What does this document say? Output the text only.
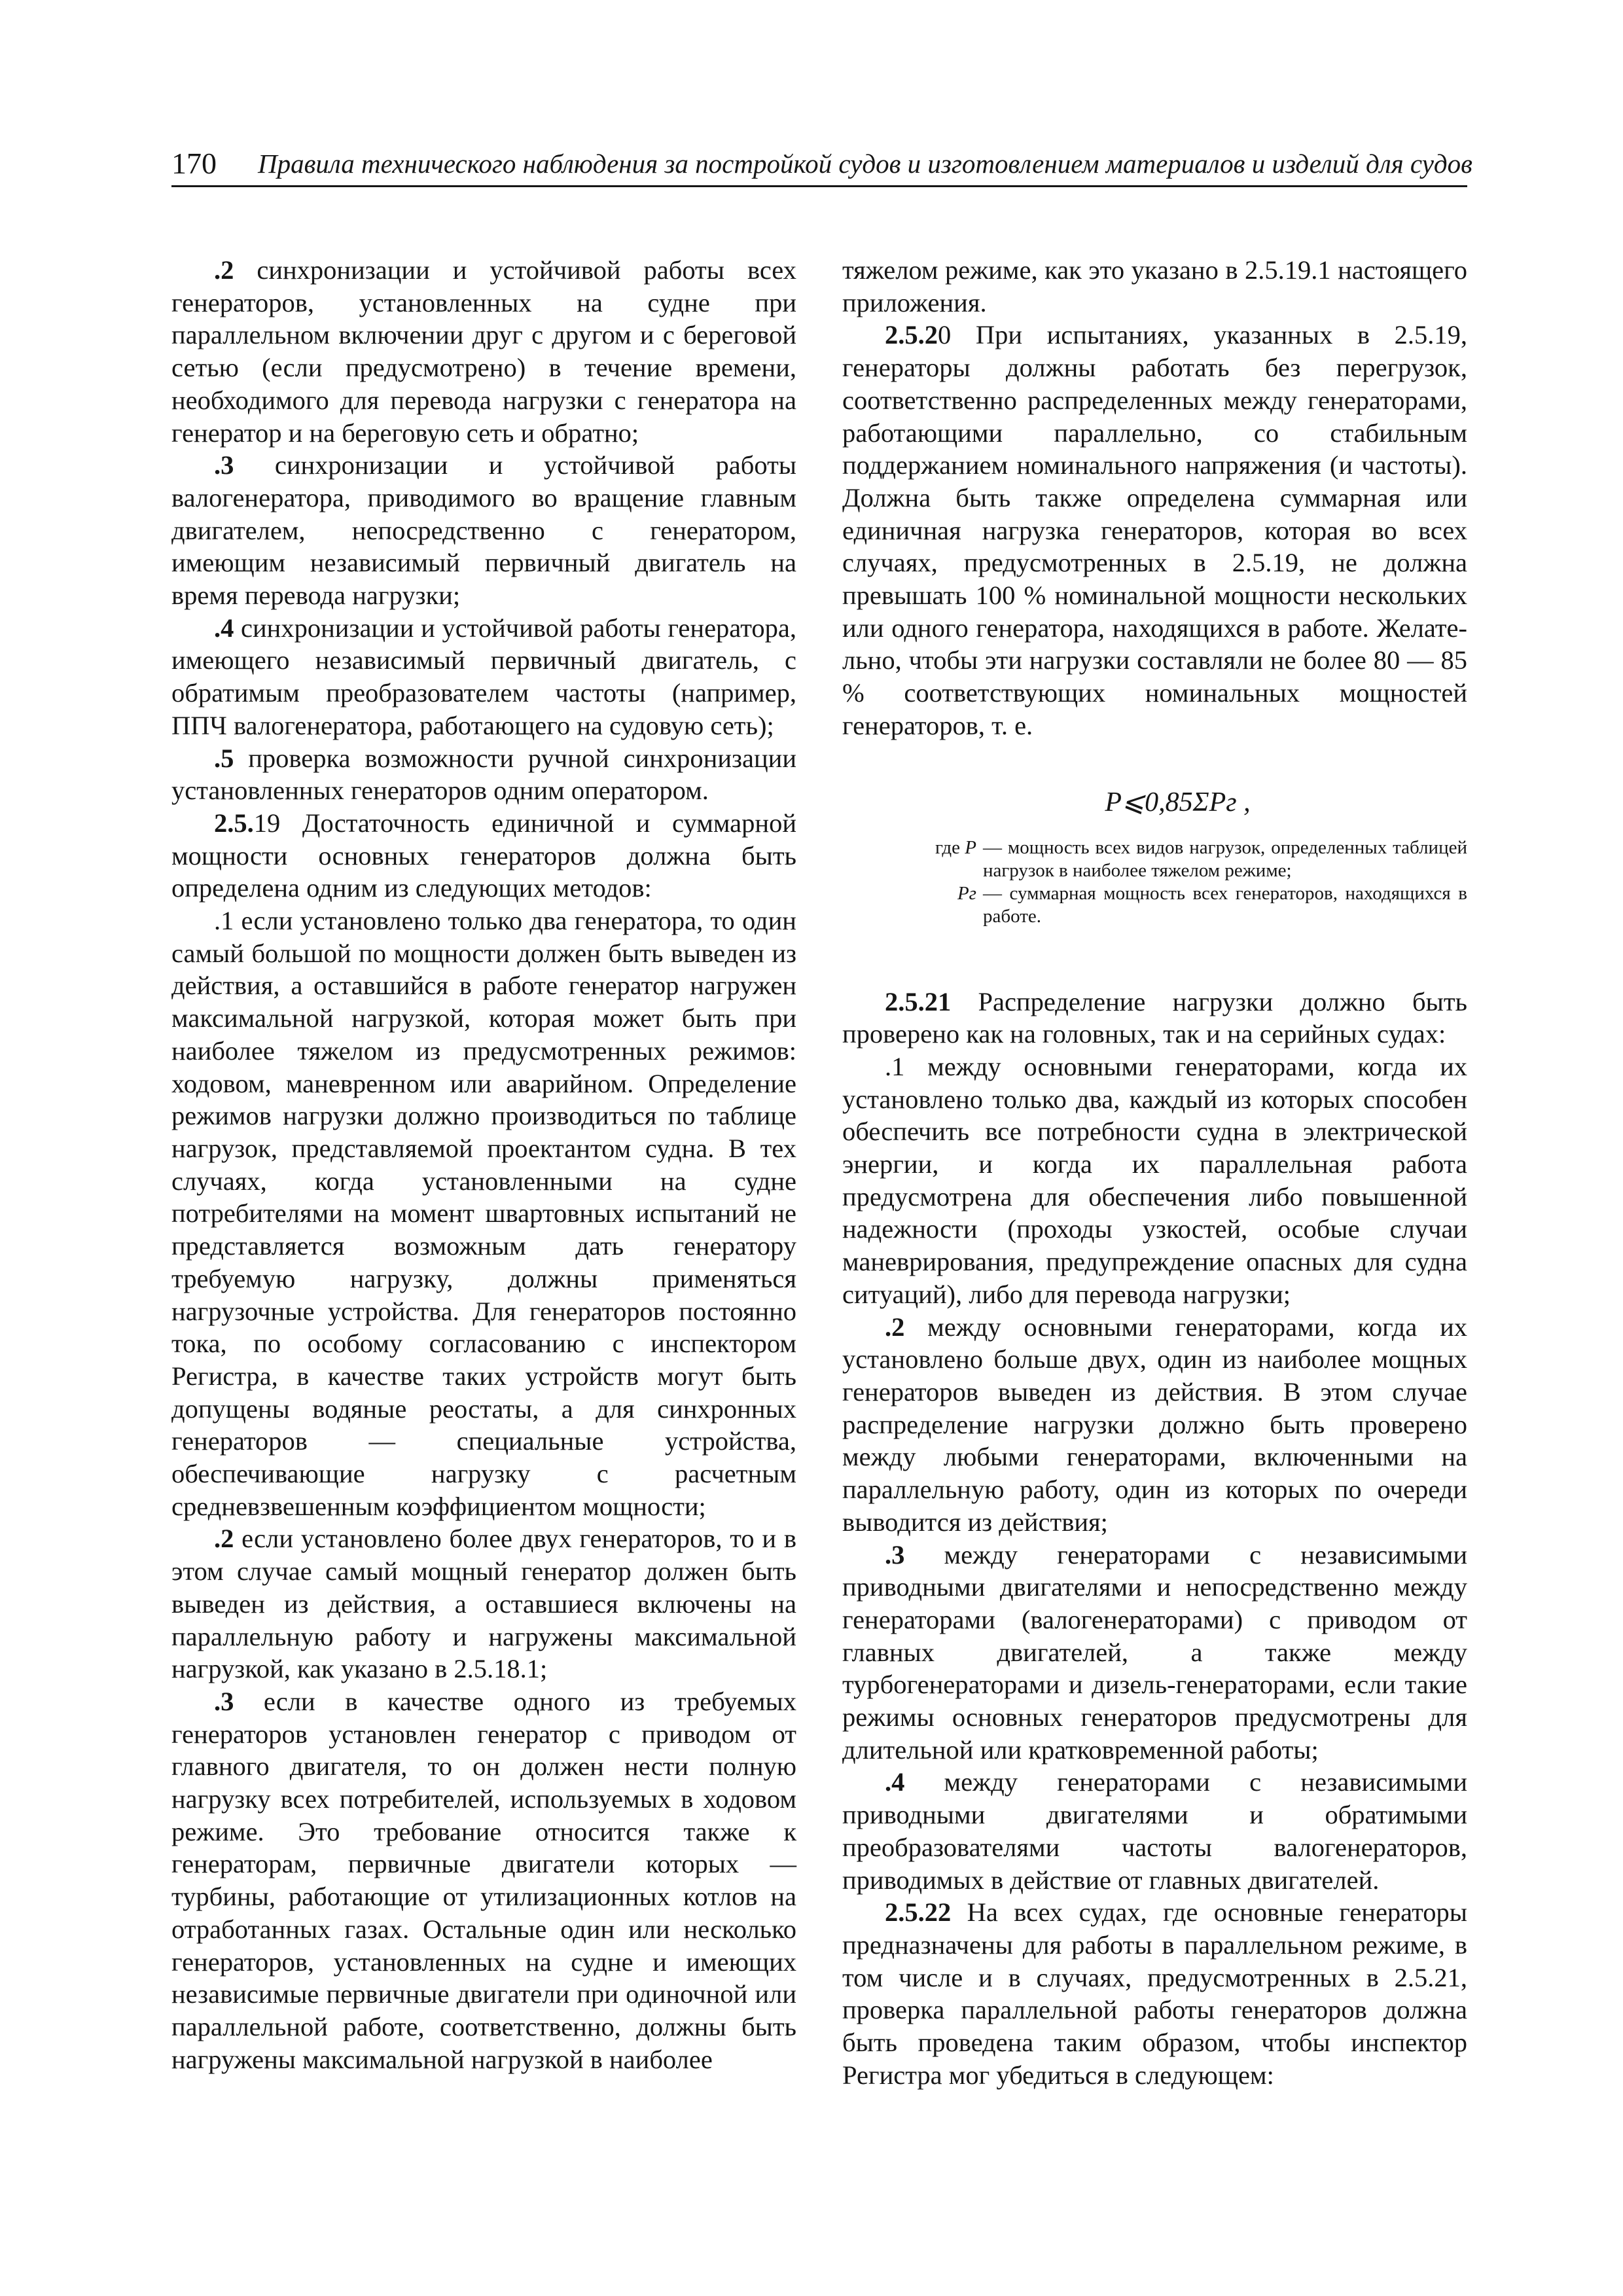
170 Правила технического наблюдения за постройкой судов и изготовлением материалов и изделий для судов

.2 синхронизации и устойчивой работы всех генераторов, установленных на судне при параллельном включении друг с другом и с береговой сетью (если предусмотрено) в течение времени, необходимого для перевода нагрузки с генератора на генератор и на береговую сеть и обратно;

.3 синхронизации и устойчивой работы валогенератора, приводимого во вращение главным двигателем, непосредственно с генератором, имеющим независимый первичный двигатель на время перевода нагрузки;

.4 синхронизации и устойчивой работы генератора, имеющего независимый первичный двигатель, с обратимым преобразователем частоты (например, ППЧ валогенератора, работающего на судовую сеть);

.5 проверка возможности ручной синхронизации установленных генераторов одним оператором.

2.5.19 Достаточность единичной и суммарной мощности основных генераторов должна быть определена одним из следующих методов:

.1 если установлено только два генератора, то один самый большой по мощности должен быть выведен из действия, а оставшийся в работе генератор нагружен максимальной нагрузкой, которая может быть при наиболее тяжелом из предусмотренных режимов: ходовом, маневренном или аварийном. Определение режимов нагрузки должно производиться по таблице нагрузок, представляемой проектантом судна. В тех случаях, когда установленными на судне потребителями на момент швартовных испытаний не представляется возможным дать генератору требуемую нагрузку, должны применяться нагрузочные устройства. Для генераторов постоянно тока, по особому согласованию с инспектором Регистра, в качестве таких устройств могут быть допущены водяные реостаты, а для синхронных генераторов — специальные устройства, обеспечивающие нагрузку с расчетным средневзвешенным коэффициентом мощности;

.2 если установлено более двух генераторов, то и в этом случае самый мощный генератор должен быть выведен из действия, а оставшиеся включены на параллельную работу и нагружены максимальной нагрузкой, как указано в 2.5.18.1;

.3 если в качестве одного из требуемых генераторов установлен генератор с приводом от главного двигателя, то он должен нести полную нагрузку всех потребителей, используемых в ходовом режиме. Это требование относится также к генераторам, первичные двигатели которых — турбины, работающие от утилизационных котлов на отработанных газах. Остальные один или несколько генераторов, установленных на судне и имеющих независимые первичные двигатели при одиночной или параллельной работе, соответственно, должны быть нагружены максимальной нагрузкой в наиболее

тяжелом режиме, как это указано в 2.5.19.1 настоящего приложения.

2.5.20 При испытаниях, указанных в 2.5.19, генераторы должны работать без перегрузок, соответственно распределенных между генераторами, работающими параллельно, со стабильным поддержанием номинального напряжения (и частоты). Должна быть также определена суммарная или единичная нагрузка генераторов, которая во всех случаях, предусмотренных в 2.5.19, не должна превышать 100 % номинальной мощности нескольких или одного генератора, находящихся в работе. Желате-льно, чтобы эти нагрузки составляли не более 80 — 85 % соответствующих номинальных мощностей генераторов, т. е.

P⩽0,85ΣPг ,
где P — мощность всех видов нагрузок, определенных таблицей нагрузок в наиболее тяжелом режиме;
Pг — суммарная мощность всех генераторов, находящихся в работе.

2.5.21 Распределение нагрузки должно быть проверено как на головных, так и на серийных судах:

.1 между основными генераторами, когда их установлено только два, каждый из которых способен обеспечить все потребности судна в электрической энергии, и когда их параллельная работа предусмотрена для обеспечения либо повышенной надежности (проходы узкостей, особые случаи маневрирования, предупреждение опасных для судна ситуаций), либо для перевода нагрузки;

.2 между основными генераторами, когда их установлено больше двух, один из наиболее мощных генераторов выведен из действия. В этом случае распределение нагрузки должно быть проверено между любыми генераторами, включенными на параллельную работу, один из которых по очереди выводится из действия;

.3 между генераторами с независимыми приводными двигателями и непосредственно между генераторами (валогенераторами) с приводом от главных двигателей, а также между турбогенераторами и дизель-генераторами, если такие режимы основных генераторов предусмотрены для длительной или кратковременной работы;

.4 между генераторами с независимыми приводными двигателями и обратимыми преобразователями частоты валогенераторов, приводимых в действие от главных двигателей.

2.5.22 На всех судах, где основные генераторы предназначены для работы в параллельном режиме, в том числе и в случаях, предусмотренных в 2.5.21, проверка параллельной работы генераторов должна быть проведена таким образом, чтобы инспектор Регистра мог убедиться в следующем:
